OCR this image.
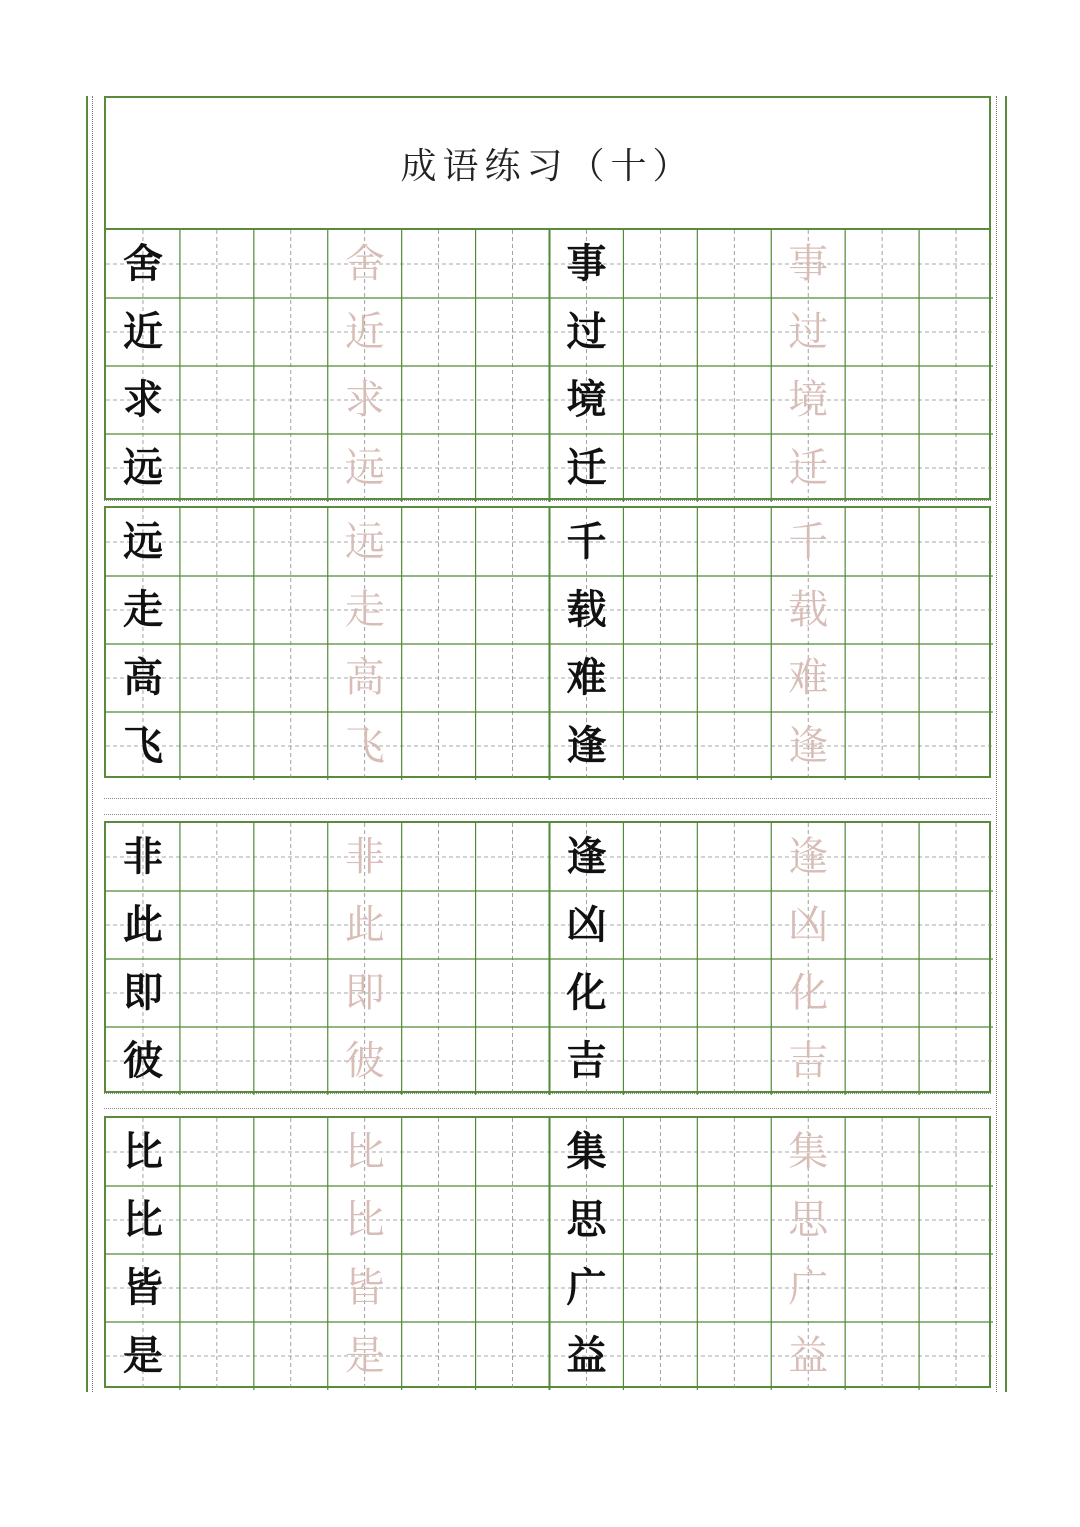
成语练习（十）
舍	舍
近	近
求	求
远	远
事	事
过	过
境	境
迁	迁
远	远
走	走
高	高
飞	飞
千	千
载	载
难	难
逢	逢
非	非
此	此
即	即
彼	彼
逢	逢
凶	凶
化	化
吉	吉
比	比
比	比
皆	皆
是	是
集	集
思	思
广	广
益	益
